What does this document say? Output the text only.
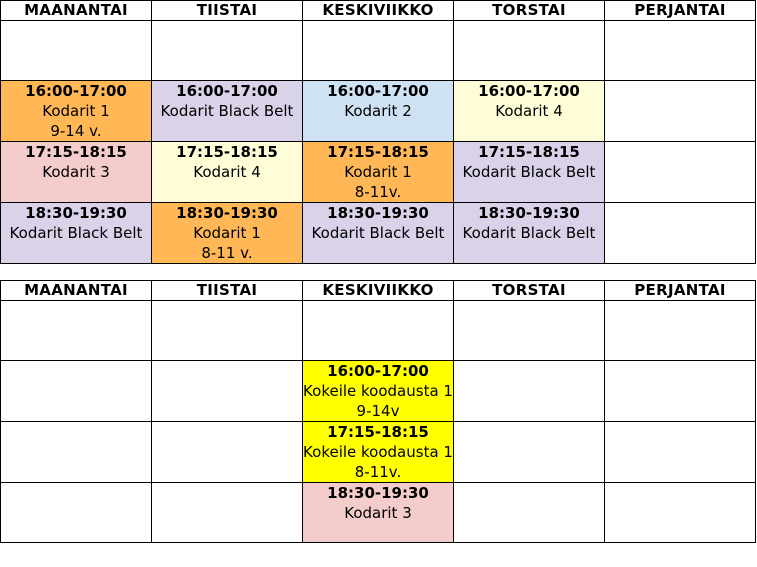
MAANANTAI	TIISTAI	KESKIVIIKKO	TORSTAI	PERJANTAI

16:00-17:00
Kodarit 1
9-14 v.	16:00-17:00
Kodarit Black Belt	16:00-17:00
Kodarit 2	16:00-17:00
Kodarit 4	

17:15-18:15
Kodarit 3	17:15-18:15
Kodarit 4	17:15-18:15
Kodarit 1
8-11v.	17:15-18:15
Kodarit Black Belt	

18:30-19:30
Kodarit Black Belt	18:30-19:30
Kodarit 1
8-11 v.	18:30-19:30
Kodarit Black Belt	18:30-19:30
Kodarit Black Belt	

MAANANTAI	TIISTAI	KESKIVIIKKO	TORSTAI	PERJANTAI

		16:00-17:00
Kokeile koodausta 1
9-14v		

		17:15-18:15
Kokeile koodausta 1
8-11v.		

		18:30-19:30
Kodarit 3		
